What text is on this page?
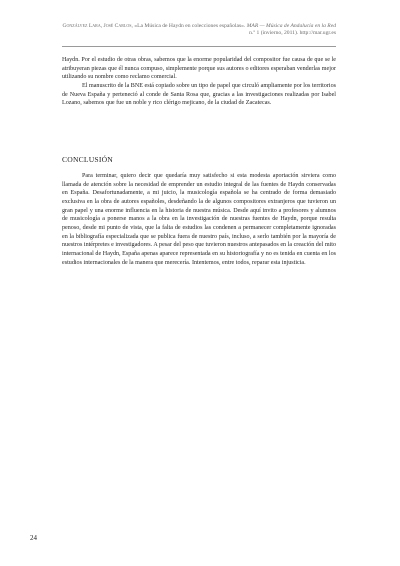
Gonzálvez Lara, José Carlos, «La Música de Haydn en colecciones españolas». MAR — Música de Andalucía en la Red n.º 1 (invierno, 2011). http://mar.ugr.es

Haydn. Por el estudio de otras obras, sabemos que la enorme popularidad del compositor fue causa de que se le atribuyeran piezas que él nunca compuso, simplemente porque sus autores o editores esperaban venderlas mejor utilizando su nombre como reclamo comercial.

El manuscrito de la BNE está copiado sobre un tipo de papel que circuló ampliamente por los territorios de Nueva España y perteneció al conde de Santa Rosa que, gracias a las investigaciones realizadas por Isabel Lozano, sabemos que fue un noble y rico clérigo mejicano, de la ciudad de Zacatecas.

CONCLUSIÓN

Para terminar, quiero decir que quedaría muy satisfecho si esta modesta aportación sirviera como llamada de atención sobre la necesidad de emprender un estudio integral de las fuentes de Haydn conservadas en España. Desafortunadamente, a mi juicio, la musicología española se ha centrado de forma demasiado exclusiva en la obra de autores españoles, desdeñando la de algunos compositores extranjeros que tuvieron un gran papel y una enorme influencia en la historia de nuestra música. Desde aquí invito a profesores y alumnos de musicología a ponerse manos a la obra en la investigación de nuestras fuentes de Haydn, porque resulta penoso, desde mi punto de vista, que la falta de estudios las condenen a permanecer completamente ignoradas en la bibliografía especializada que se publica fuera de nuestro país, incluso, a serlo también por la mayoría de nuestros intérpretes e investigadores. A pesar del peso que tuvieron nuestros antepasados en la creación del mito internacional de Haydn, España apenas aparece representada en su historiografía y no es tenida en cuenta en los estudios internacionales de la manera que merecería. Intentemos, entre todos, reparar esta injusticia.

24
